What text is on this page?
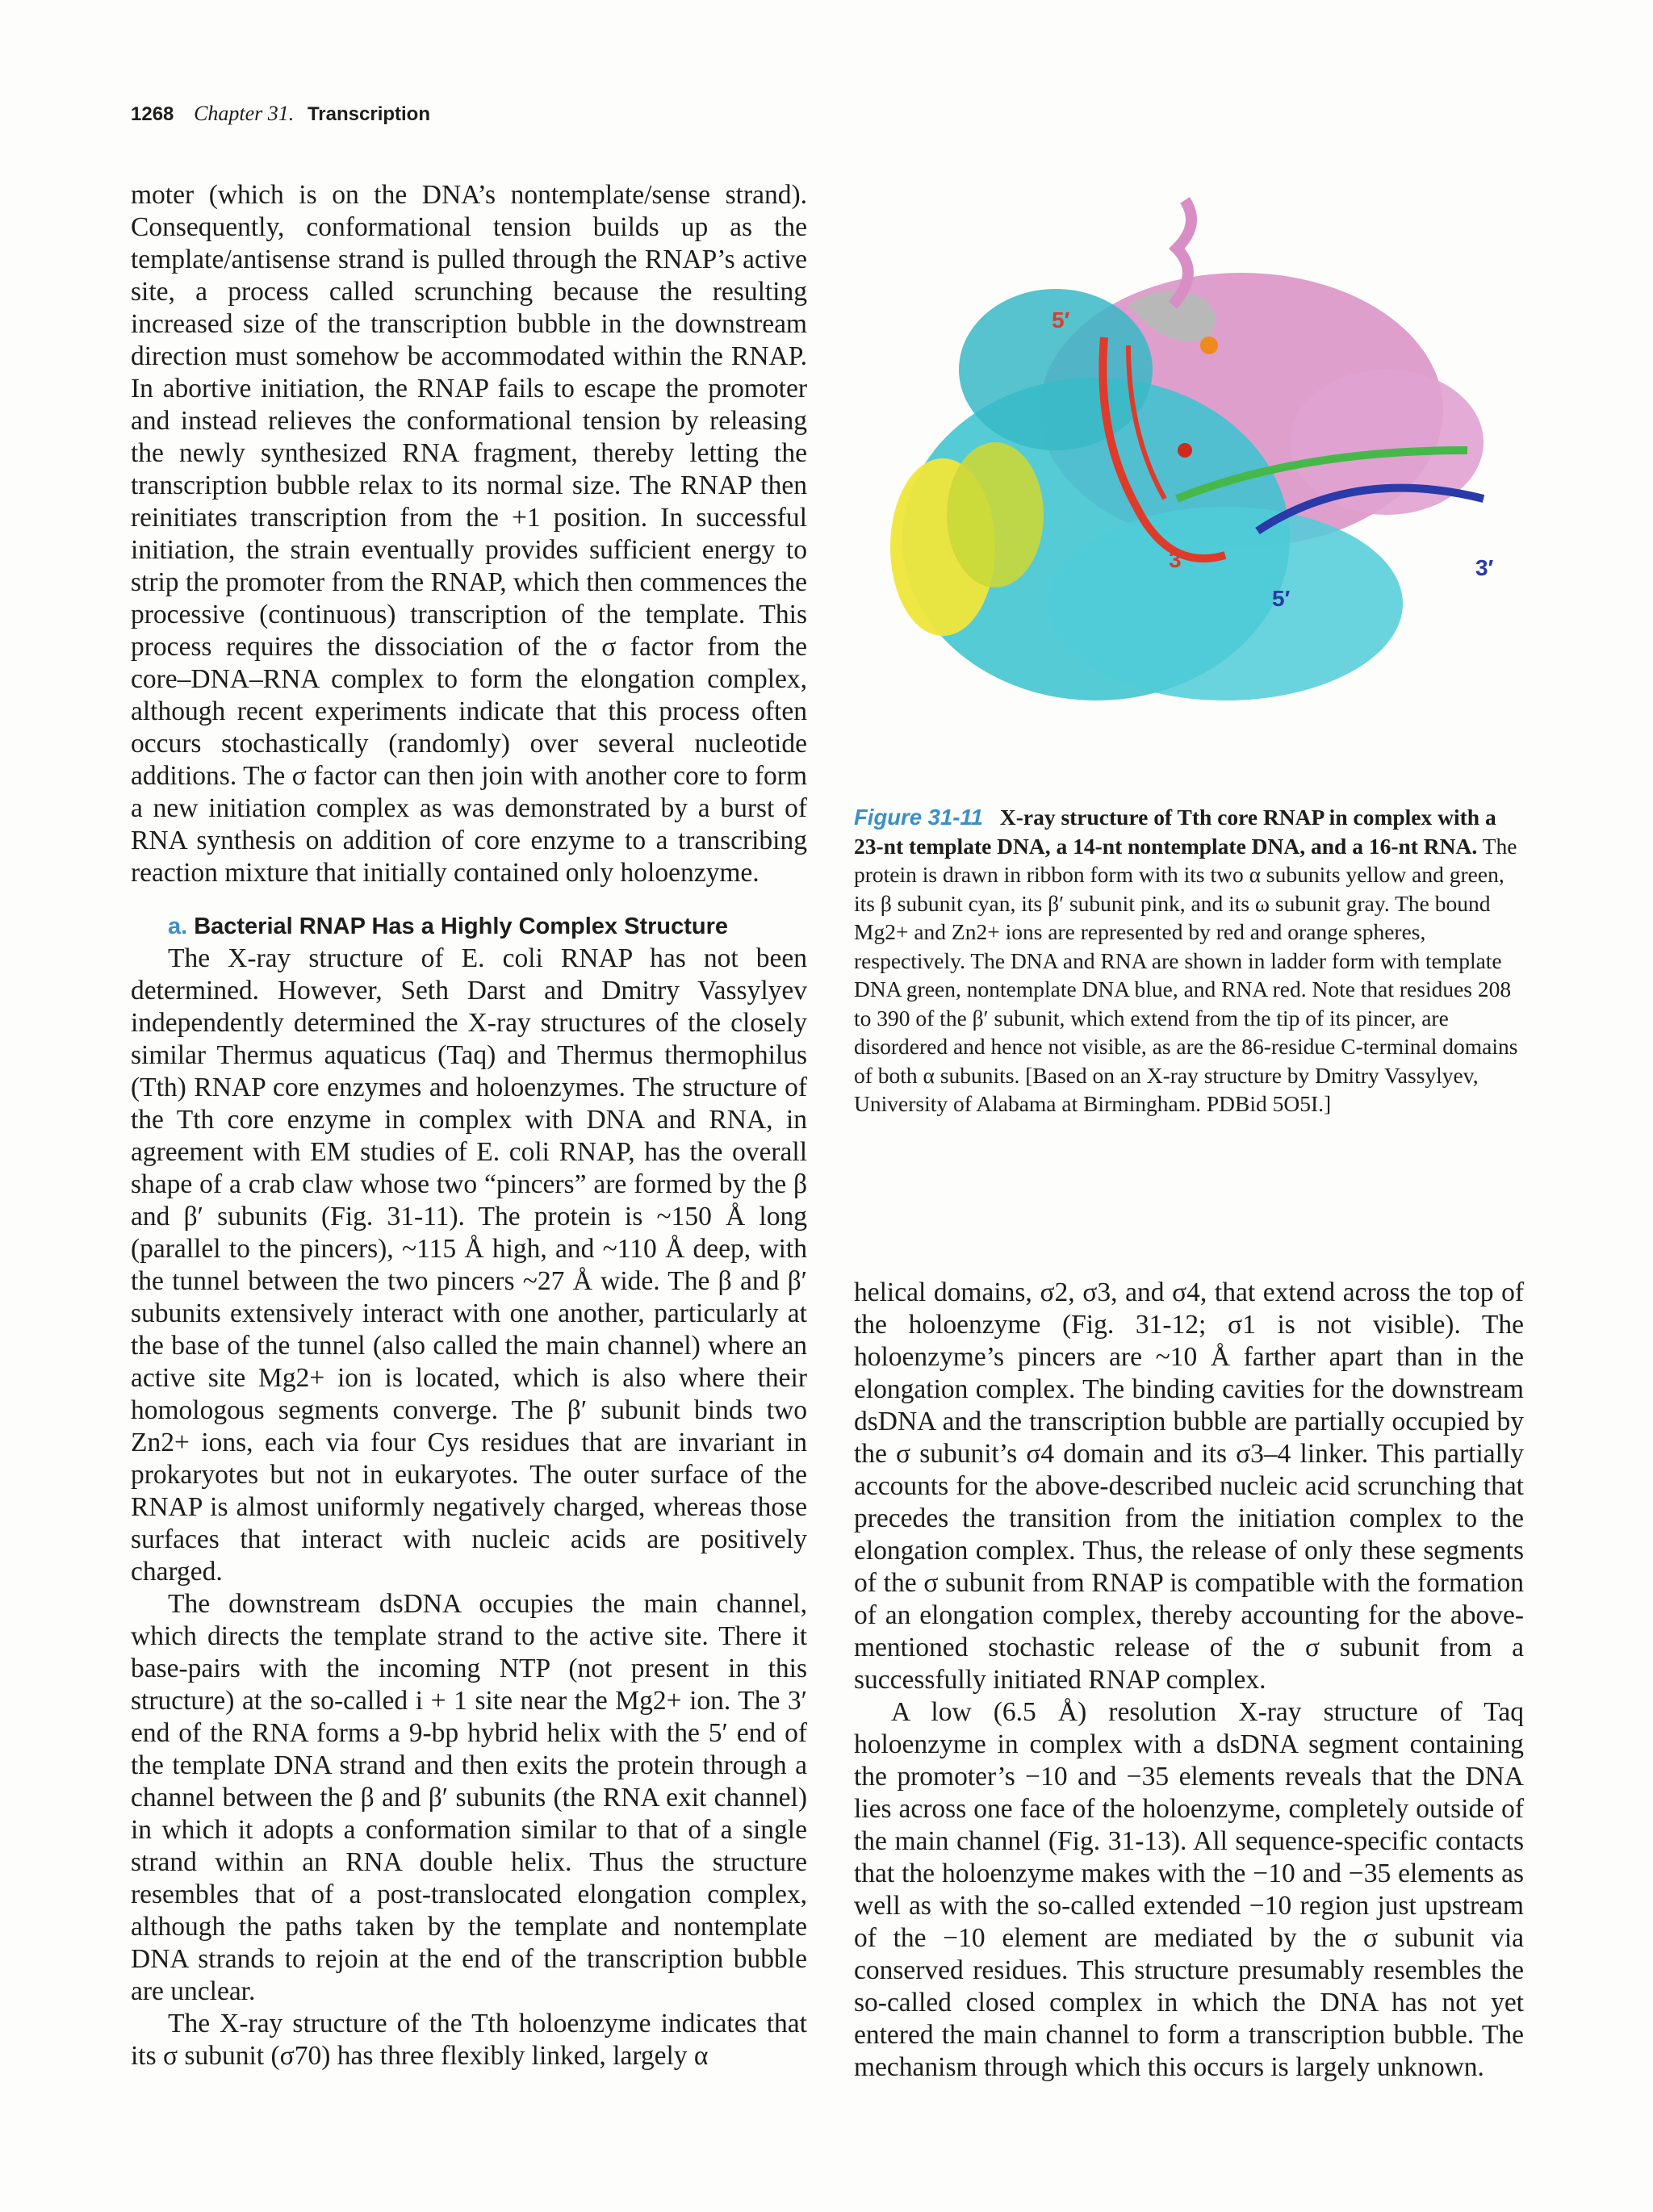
1268 Chapter 31. Transcription

moter (which is on the DNA’s nontemplate/sense strand). Consequently, conformational tension builds up as the template/antisense strand is pulled through the RNAP’s active site, a process called scrunching because the resulting increased size of the transcription bubble in the downstream direction must somehow be accommodated within the RNAP. In abortive initiation, the RNAP fails to escape the promoter and instead relieves the conformational tension by releasing the newly synthesized RNA fragment, thereby letting the transcription bubble relax to its normal size. The RNAP then reinitiates transcription from the +1 position. In successful initiation, the strain eventually provides sufficient energy to strip the promoter from the RNAP, which then commences the processive (continuous) transcription of the template. This process requires the dissociation of the σ factor from the core–DNA–RNA complex to form the elongation complex, although recent experiments indicate that this process often occurs stochastically (randomly) over several nucleotide additions. The σ factor can then join with another core to form a new initiation complex as was demonstrated by a burst of RNA synthesis on addition of core enzyme to a transcribing reaction mixture that initially contained only holoenzyme.

a. Bacterial RNAP Has a Highly Complex Structure

The X-ray structure of E. coli RNAP has not been determined. However, Seth Darst and Dmitry Vassylyev independently determined the X-ray structures of the closely similar Thermus aquaticus (Taq) and Thermus thermophilus (Tth) RNAP core enzymes and holoenzymes. The structure of the Tth core enzyme in complex with DNA and RNA, in agreement with EM studies of E. coli RNAP, has the overall shape of a crab claw whose two “pincers” are formed by the β and β′ subunits (Fig. 31-11). The protein is ~150 Å long (parallel to the pincers), ~115 Å high, and ~110 Å deep, with the tunnel between the two pincers ~27 Å wide. The β and β′ subunits extensively interact with one another, particularly at the base of the tunnel (also called the main channel) where an active site Mg2+ ion is located, which is also where their homologous segments converge. The β′ subunit binds two Zn2+ ions, each via four Cys residues that are invariant in prokaryotes but not in eukaryotes. The outer surface of the RNAP is almost uniformly negatively charged, whereas those surfaces that interact with nucleic acids are positively charged.

The downstream dsDNA occupies the main channel, which directs the template strand to the active site. There it base-pairs with the incoming NTP (not present in this structure) at the so-called i + 1 site near the Mg2+ ion. The 3′ end of the RNA forms a 9-bp hybrid helix with the 5′ end of the template DNA strand and then exits the protein through a channel between the β and β′ subunits (the RNA exit channel) in which it adopts a conformation similar to that of a single strand within an RNA double helix. Thus the structure resembles that of a post-translocated elongation complex, although the paths taken by the template and nontemplate DNA strands to rejoin at the end of the transcription bubble are unclear.

The X-ray structure of the Tth holoenzyme indicates that its σ subunit (σ70) has three flexibly linked, largely α

5′
3′
5′
3′
Figure 31-11 X-ray structure of Tth core RNAP in complex with a 23-nt template DNA, a 14-nt nontemplate DNA, and a 16-nt RNA. The protein is drawn in ribbon form with its two α subunits yellow and green, its β subunit cyan, its β′ subunit pink, and its ω subunit gray. The bound Mg2+ and Zn2+ ions are represented by red and orange spheres, respectively. The DNA and RNA are shown in ladder form with template DNA green, nontemplate DNA blue, and RNA red. Note that residues 208 to 390 of the β′ subunit, which extend from the tip of its pincer, are disordered and hence not visible, as are the 86-residue C-terminal domains of both α subunits. [Based on an X-ray structure by Dmitry Vassylyev, University of Alabama at Birmingham. PDBid 5O5I.]

helical domains, σ2, σ3, and σ4, that extend across the top of the holoenzyme (Fig. 31-12; σ1 is not visible). The holoenzyme’s pincers are ~10 Å farther apart than in the elongation complex. The binding cavities for the downstream dsDNA and the transcription bubble are partially occupied by the σ subunit’s σ4 domain and its σ3–4 linker. This partially accounts for the above-described nucleic acid scrunching that precedes the transition from the initiation complex to the elongation complex. Thus, the release of only these segments of the σ subunit from RNAP is compatible with the formation of an elongation complex, thereby accounting for the above-mentioned stochastic release of the σ subunit from a successfully initiated RNAP complex.

A low (6.5 Å) resolution X-ray structure of Taq holoenzyme in complex with a dsDNA segment containing the promoter’s −10 and −35 elements reveals that the DNA lies across one face of the holoenzyme, completely outside of the main channel (Fig. 31-13). All sequence-specific contacts that the holoenzyme makes with the −10 and −35 elements as well as with the so-called extended −10 region just upstream of the −10 element are mediated by the σ subunit via conserved residues. This structure presumably resembles the so-called closed complex in which the DNA has not yet entered the main channel to form a transcription bubble. The mechanism through which this occurs is largely unknown.
